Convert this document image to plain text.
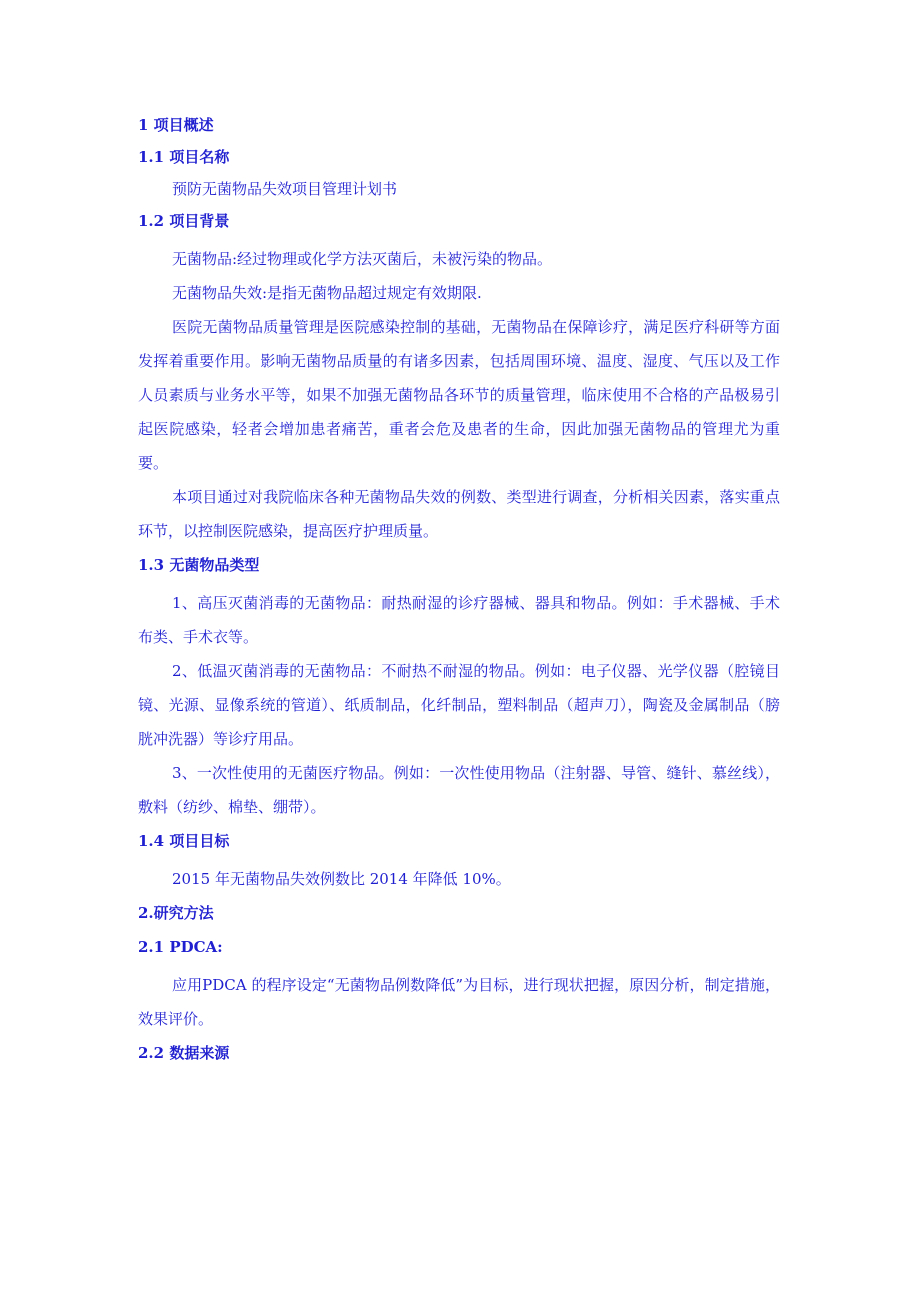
1 项目概述
1.1 项目名称
预防无菌物品失效项目管理计划书
1.2 项目背景
无菌物品:经过物理或化学方法灭菌后，未被污染的物品。
无菌物品失效:是指无菌物品超过规定有效期限.
医院无菌物品质量管理是医院感染控制的基础，无菌物品在保障诊疗，满足医疗科研等方面发挥着重要作用。影响无菌物品质量的有诸多因素，包括周围环境、温度、湿度、气压以及工作人员素质与业务水平等，如果不加强无菌物品各环节的质量管理，临床使用不合格的产品极易引起医院感染，轻者会增加患者痛苦，重者会危及患者的生命，因此加强无菌物品的管理尤为重要。
本项目通过对我院临床各种无菌物品失效的例数、类型进行调查，分析相关因素，落实重点环节，以控制医院感染，提高医疗护理质量。
1.3 无菌物品类型
1、高压灭菌消毒的无菌物品：耐热耐湿的诊疗器械、器具和物品。例如：手术器械、手术布类、手术衣等。
2、低温灭菌消毒的无菌物品：不耐热不耐湿的物品。例如：电子仪器、光学仪器（腔镜目镜、光源、显像系统的管道）、纸质制品，化纤制品，塑料制品（超声刀），陶瓷及金属制品（膀胱冲洗器）等诊疗用品。
3、一次性使用的无菌医疗物品。例如：一次性使用物品（注射器、导管、缝针、慕丝线），敷料（纺纱、棉垫、绷带）。
1.4 项目目标
2015 年无菌物品失效例数比 2014 年降低 10%。
2.研究方法
2.1 PDCA:
应用PDCA 的程序设定“无菌物品例数降低”为目标，进行现状把握，原因分析，制定措施，效果评价。
2.2 数据来源
